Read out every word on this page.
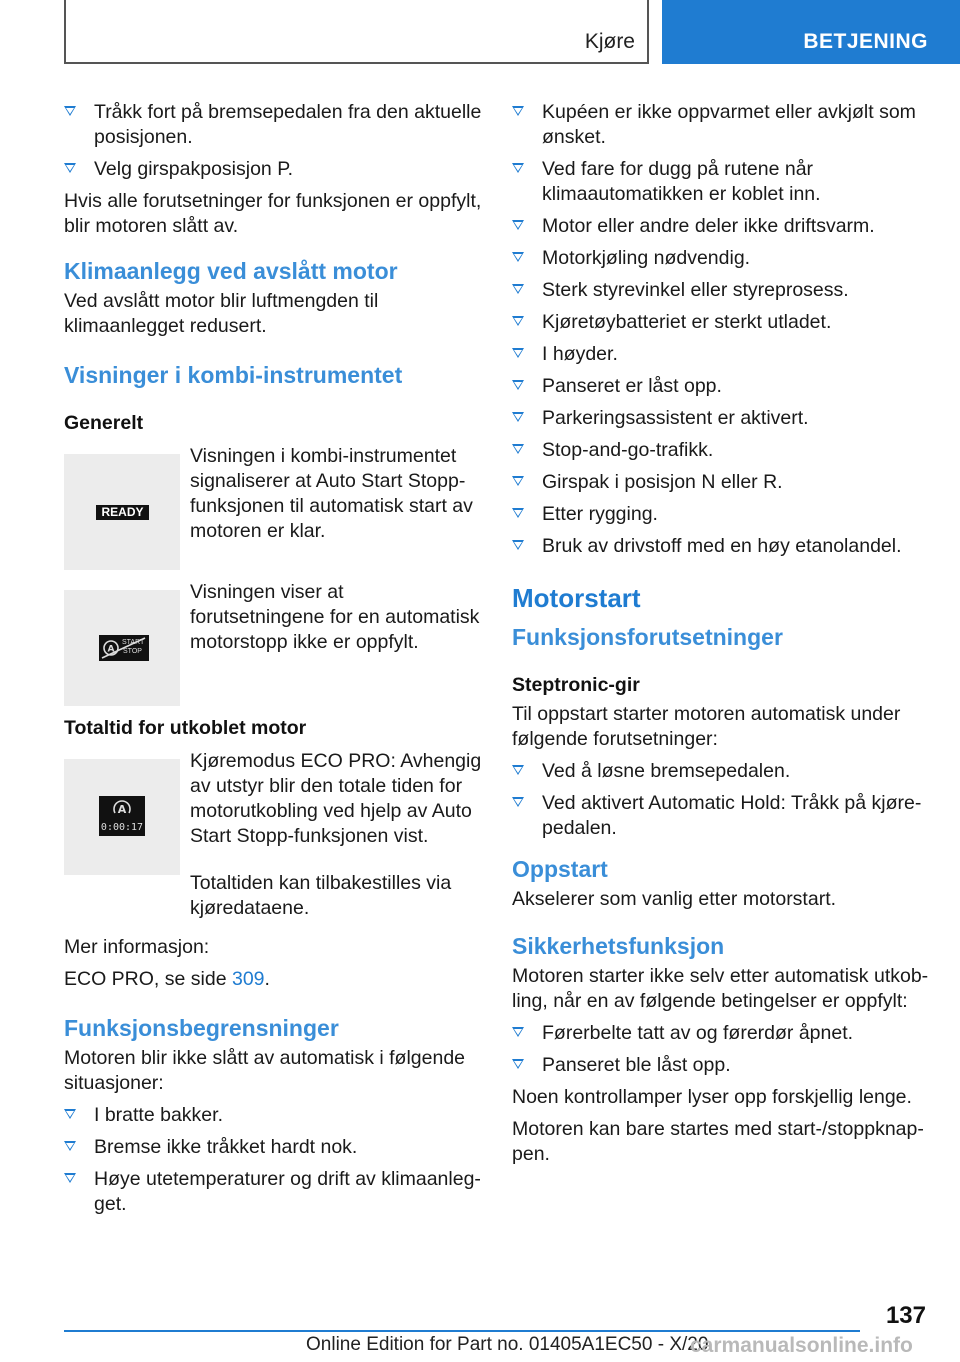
Kjøre	BETJENING
Tråkk fort på bremsepedalen fra den aktuelle posisjonen.
Velg girspakposisjon P.

Hvis alle forutsetninger for funksjonen er oppfylt, blir motoren slått av.

Klimaanlegg ved avslått motor

Ved avslått motor blir luftmengden til klimaanlegget redusert.

Visninger i kombi-instrumentet
Generelt
READY
Visningen i kombi-instrumentet signaliserer at Auto Start Stopp-funksjonen til automatisk start av motoren er klar.
A
START
STOP
Visningen viser at forutsetningene for en automatisk motorstopp ikke er oppfylt.
Totaltid for utkoblet motor
A
0:00:17
Kjøremodus ECO PRO: Avhengig av utstyr blir den totale tiden for motorutkobling ved hjelp av Auto Start Stopp-funksjonen vist.

Totaltiden kan tilbakestilles via kjøredataene.

Mer informasjon:

ECO PRO, se side 309.

Funksjonsbegrensninger

Motoren blir ikke slått av automatisk i følgende situasjoner:

I bratte bakker.
Bremse ikke tråkket hardt nok.
Høye utetemperaturer og drift av klimaanlegget.
Kupéen er ikke oppvarmet eller avkjølt som ønsket.
Ved fare for dugg på rutene når klimaautomatikken er koblet inn.
Motor eller andre deler ikke driftsvarm.
Motorkjøling nødvendig.
Sterk styrevinkel eller styreprosess.
Kjøretøybatteriet er sterkt utladet.
I høyder.
Panseret er låst opp.
Parkeringsassistent er aktivert.
Stop-and-go-trafikk.
Girspak i posisjon N eller R.
Etter rygging.
Bruk av drivstoff med en høy etanolandel.
Motorstart
Funksjonsforutsetninger
Steptronic-gir

Til oppstart starter motoren automatisk under følgende forutsetninger:

Ved å løsne bremsepedalen.
Ved aktivert Automatic Hold: Tråkk på kjørepedalen.
Oppstart

Akselerer som vanlig etter motorstart.

Sikkerhetsfunksjon

Motoren starter ikke selv etter automatisk utkobling, når en av følgende betingelser er oppfylt:

Førerbelte tatt av og førerdør åpnet.
Panseret ble låst opp.

Noen kontrollamper lyser opp forskjellig lenge.

Motoren kan bare startes med start-/stoppknappen.

137
Online Edition for Part no. 01405A1EC50 - X/20
carmanualsonline.info
